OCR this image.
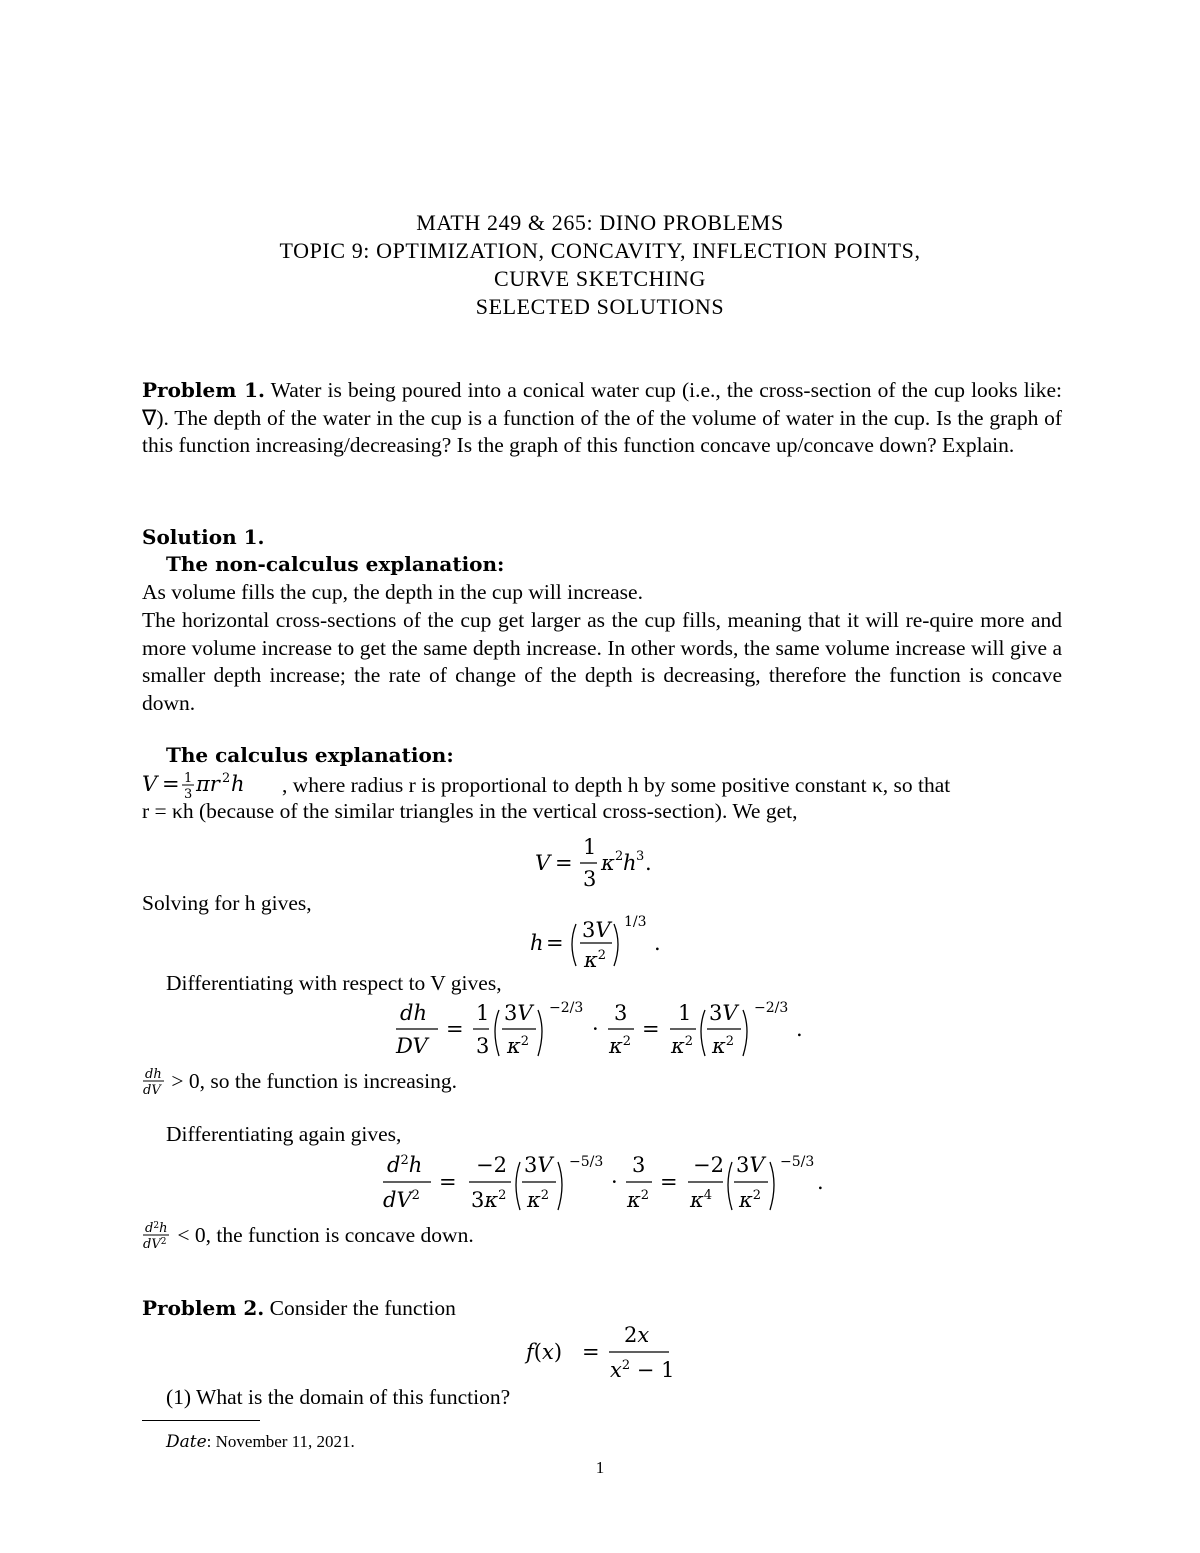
MATH 249 & 265: DINO PROBLEMS
TOPIC 9: OPTIMIZATION, CONCAVITY, INFLECTION POINTS,
CURVE SKETCHING
SELECTED SOLUTIONS
Problem 1. Water is being poured into a conical water cup (i.e., the cross-section of the cup looks like: ∇). The depth of the water in the cup is a function of the of the volume of water in the cup. Is the graph of this function increasing/decreasing? Is the graph of this function concave up/concave down? Explain.
Solution 1.
The non-calculus explanation:
As volume fills the cup, the depth in the cup will increase.
The horizontal cross-sections of the cup get larger as the cup fills, meaning that it will re-quire more and more volume increase to get the same depth increase. In other words, the same volume increase will give a smaller depth increase; the rate of change of the depth is decreasing, therefore the function is concave down.
The calculus explanation:
V = 1
3 πr 2 h , where radius r is proportional to depth h by some positive constant κ, so that
r = κh (because of the similar triangles in the vertical cross-section). We get,
V =
1
3
κ 2 h 3 .
Solving for h gives,
h =
3V
$\kappa^2$
1/3
.
Differentiating with respect to V gives,
dh
DV
=
1
3
3V
$\kappa^2$
−2/3
·
3
$\kappa^2$
=
1
$\kappa^2$
3V
$\kappa^2$
−2/3
.
dh
dV > 0, so the function is increasing.
Differentiating again gives,
$d^2h$
$dV^2$
=
−2
$3\kappa^2$
3V
$\kappa^2$
−5/3
·
3
$\kappa^2$
=
−2
$\kappa^4$
3V
$\kappa^2$
−5/3
.
$d^2h$
$dV^2 < 0$, the function is concave down.
Problem 2. Consider the function
f(x) =
2x
$x^2 - 1$
(1) What is the domain of this function?
Date: November 11, 2021.
1
